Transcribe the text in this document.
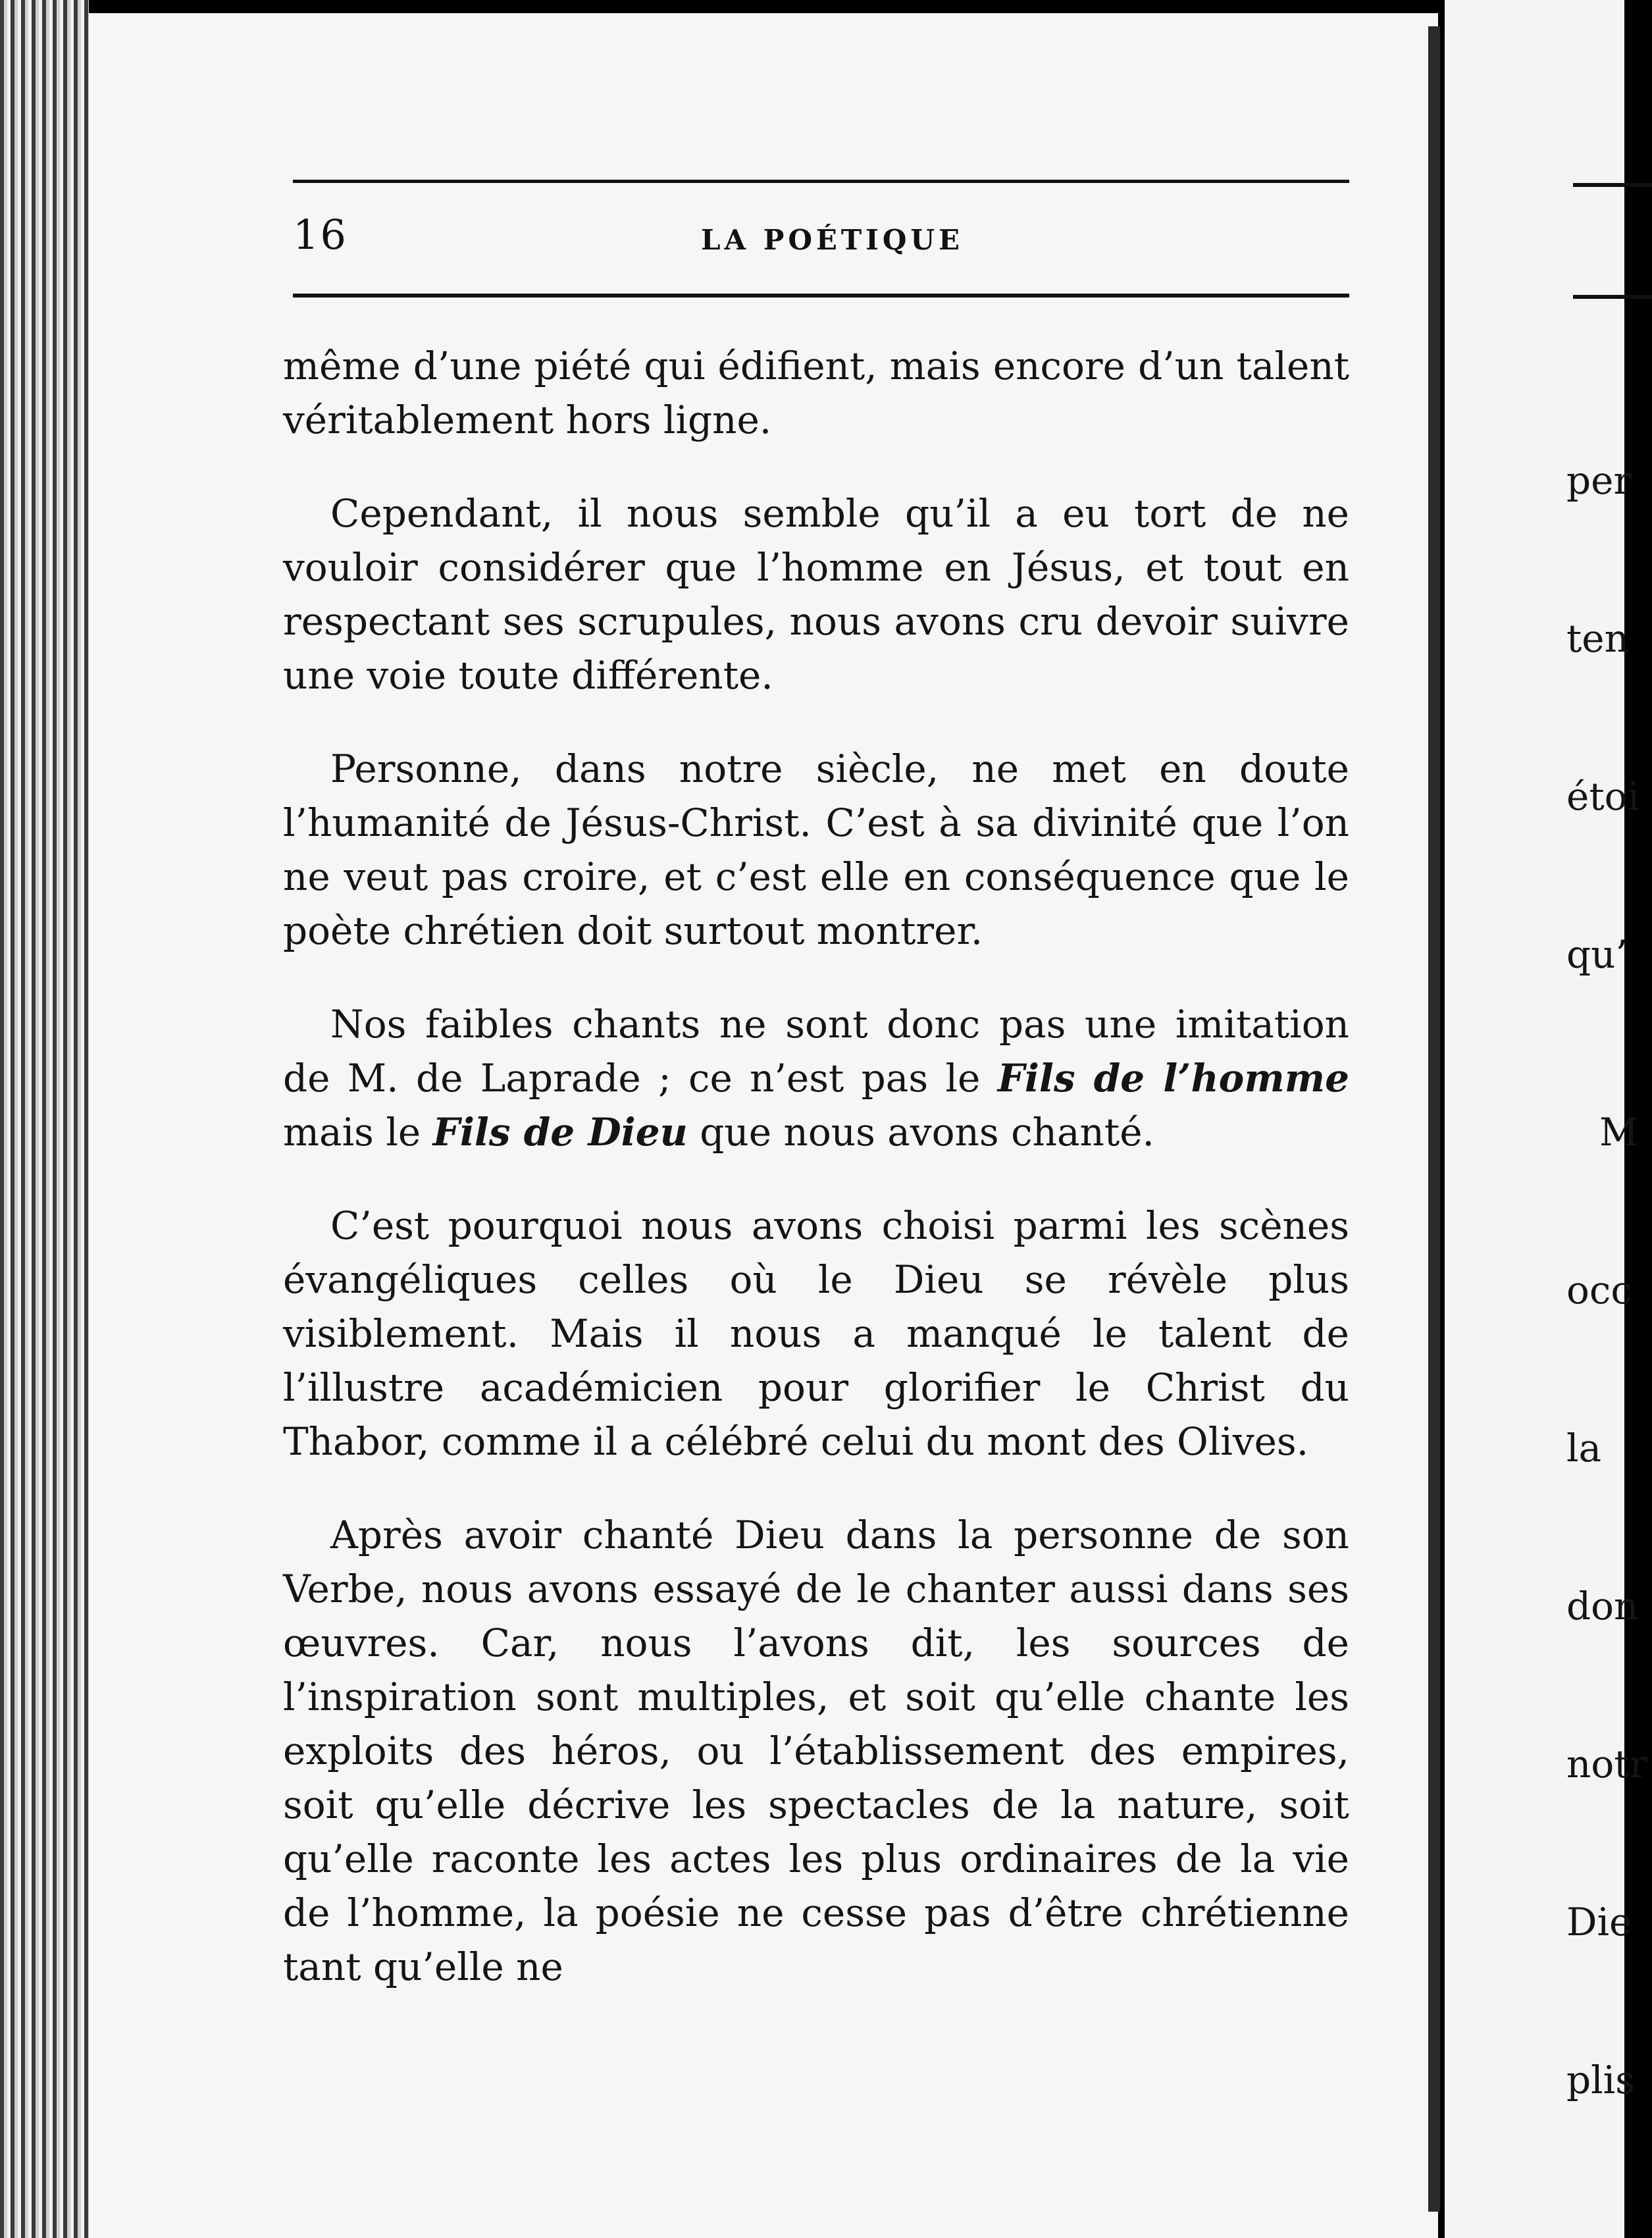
per

ten

étoi

qu’

M

occ

la

don

notr

Die

plis

16	LA POÉTIQUE

même d’une piété qui édifient, mais encore d’un talent véritablement hors ligne.

Cependant, il nous semble qu’il a eu tort de ne vouloir considérer que l’homme en Jésus, et tout en respectant ses scrupules, nous avons cru devoir suivre une voie toute différente.

Personne, dans notre siècle, ne met en doute l’humanité de Jésus-Christ. C’est à sa divinité que l’on ne veut pas croire, et c’est elle en conséquence que le poète chrétien doit surtout montrer.

Nos faibles chants ne sont donc pas une imitation de M. de Laprade ; ce n’est pas le Fils de l’homme mais le Fils de Dieu que nous avons chanté.

C’est pourquoi nous avons choisi parmi les scènes évangéliques celles où le Dieu se révèle plus visiblement. Mais il nous a manqué le talent de l’illustre académicien pour glorifier le Christ du Thabor, comme il a célébré celui du mont des Olives.

Après avoir chanté Dieu dans la personne de son Verbe, nous avons essayé de le chanter aussi dans ses œuvres. Car, nous l’avons dit, les sources de l’inspiration sont multiples, et soit qu’elle chante les exploits des héros, ou l’établissement des empires, soit qu’elle décrive les spectacles de la nature, soit qu’elle raconte les actes les plus ordinaires de la vie de l’homme, la poésie ne cesse pas d’être chrétienne tant qu’elle ne
